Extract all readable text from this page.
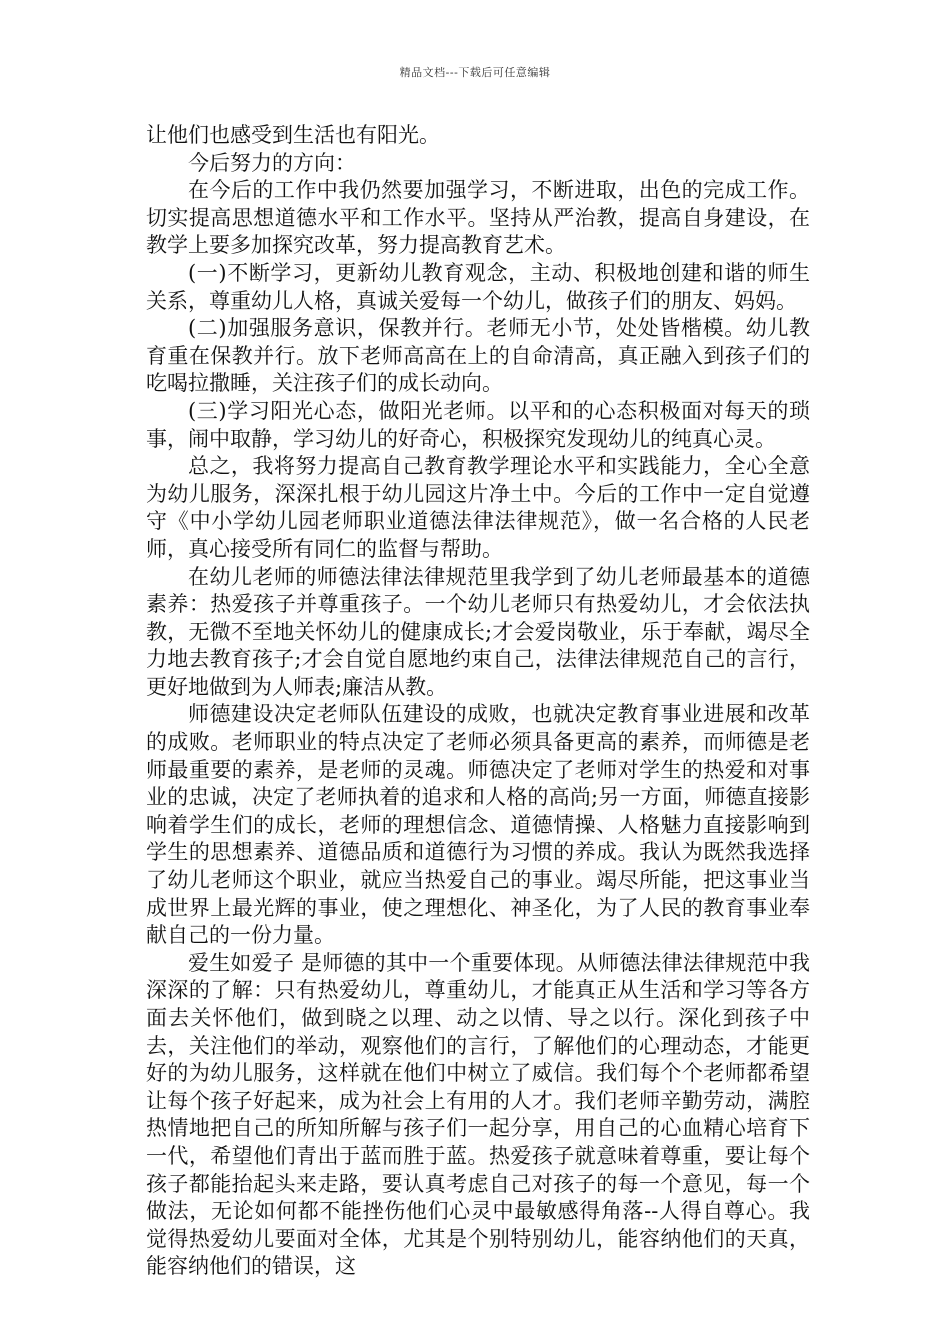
精品文档---下载后可任意编辑

让他们也感受到生活也有阳光。

今后努力的方向：

在今后的工作中我仍然要加强学习，不断进取，出色的完成工作。切实提高思想道德水平和工作水平。坚持从严治教，提高自身建设，在教学上要多加探究改革，努力提高教育艺术。

(一)不断学习，更新幼儿教育观念，主动、积极地创建和谐的师生关系，尊重幼儿人格，真诚关爱每一个幼儿，做孩子们的朋友、妈妈。

(二)加强服务意识，保教并行。老师无小节，处处皆楷模。幼儿教育重在保教并行。放下老师高高在上的自命清高，真正融入到孩子们的吃喝拉撒睡，关注孩子们的成长动向。

(三)学习阳光心态，做阳光老师。以平和的心态积极面对每天的琐事，闹中取静，学习幼儿的好奇心，积极探究发现幼儿的纯真心灵。

总之，我将努力提高自己教育教学理论水平和实践能力，全心全意为幼儿服务，深深扎根于幼儿园这片净土中。今后的工作中一定自觉遵守《中小学幼儿园老师职业道德法律法律规范》，做一名合格的人民老师，真心接受所有同仁的监督与帮助。

在幼儿老师的师德法律法律规范里我学到了幼儿老师最基本的道德素养：热爱孩子并尊重孩子。一个幼儿老师只有热爱幼儿，才会依法执教，无微不至地关怀幼儿的健康成长;才会爱岗敬业，乐于奉献，竭尽全力地去教育孩子;才会自觉自愿地约束自己，法律法律规范自己的言行，更好地做到为人师表;廉洁从教。

师德建设决定老师队伍建设的成败，也就决定教育事业进展和改革的成败。老师职业的特点决定了老师必须具备更高的素养，而师德是老师最重要的素养，是老师的灵魂。师德决定了老师对学生的热爱和对事业的忠诚，决定了老师执着的追求和人格的高尚;另一方面，师德直接影响着学生们的成长，老师的理想信念、道德情操、人格魅力直接影响到学生的思想素养、道德品质和道德行为习惯的养成。我认为既然我选择了幼儿老师这个职业，就应当热爱自己的事业。竭尽所能，把这事业当成世界上最光辉的事业，使之理想化、神圣化，为了人民的教育事业奉献自己的一份力量。

爱生如爱子 是师德的其中一个重要体现。从师德法律法律规范中我深深的了解：只有热爱幼儿，尊重幼儿，才能真正从生活和学习等各方面去关怀他们，做到晓之以理、动之以情、导之以行。深化到孩子中去，关注他们的举动，观察他们的言行，了解他们的心理动态，才能更好的为幼儿服务，这样就在他们中树立了威信。我们每个个老师都希望让每个孩子好起来，成为社会上有用的人才。我们老师辛勤劳动，满腔热情地把自己的所知所解与孩子们一起分享，用自己的心血精心培育下一代，希望他们青出于蓝而胜于蓝。热爱孩子就意味着尊重，要让每个孩子都能抬起头来走路，要认真考虑自己对孩子的每一个意见，每一个做法，无论如何都不能挫伤他们心灵中最敏感得角落--人得自尊心。我觉得热爱幼儿要面对全体，尤其是个别特别幼儿，能容纳他们的天真，能容纳他们的错误，这
